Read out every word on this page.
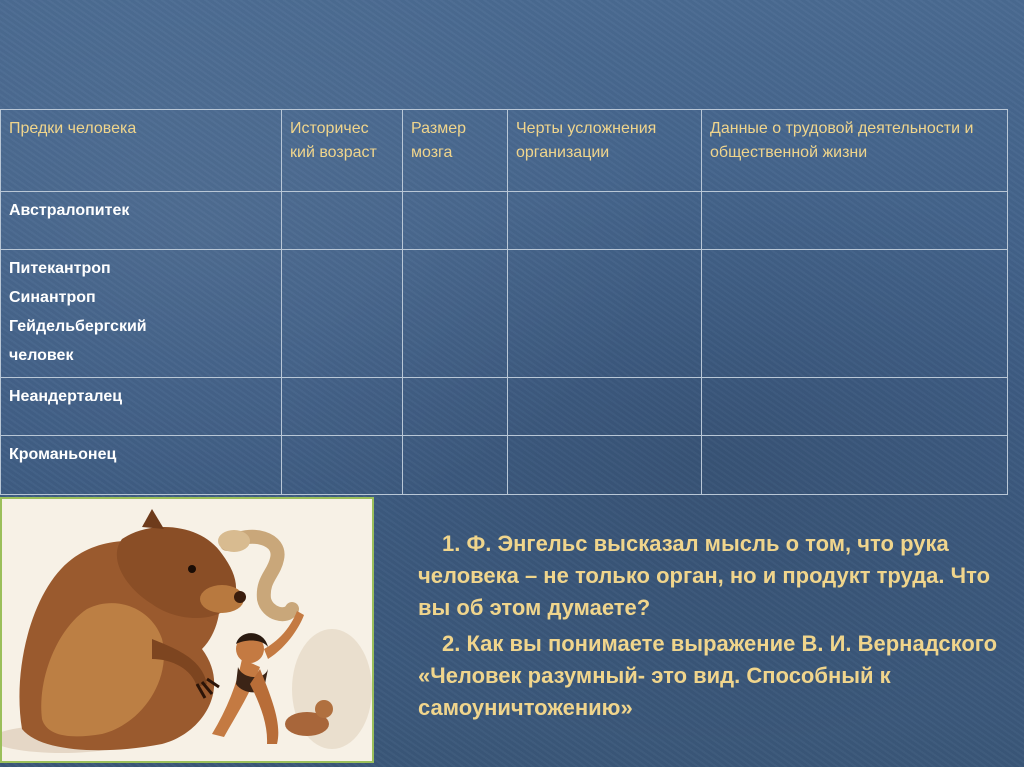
Предки человека	Историчес кий возраст	Размер мозга	Черты усложнения организации	Данные о трудовой деятельности и общественной жизни

Австралопитек				

Питекантроп
Синантроп
Гейдельбергский
человек				

Неандерталец				

Кроманьонец				

1. Ф. Энгельс высказал мысль о том, что рука человека – не только орган, но и продукт труда. Что вы об этом думаете?

2. Как вы понимаете выражение В. И. Вернадского «Человек разумный- это вид. Способный к самоуничтожению»
